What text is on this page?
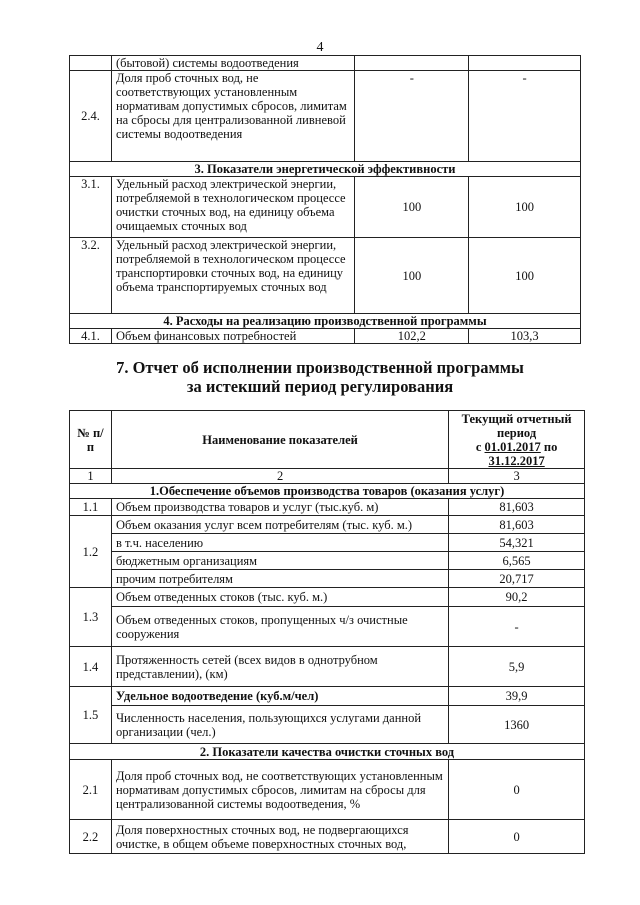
4
	(бытовой) системы водоотведения		
2.4.	Доля проб сточных вод, не соответствующих установленным нормативам допустимых сбросов, лимитам на сбросы для централизованной ливневой системы водоотведения	-	-
3. Показатели энергетической эффективности			
3.1.	Удельный расход электрической энергии, потребляемой в технологическом процессе очистки сточных вод, на единицу объема очищаемых сточных вод	100	100
3.2.	Удельный расход электрической энергии, потребляемой в технологическом процессе транспортировки сточных вод, на единицу объема транспортируемых сточных вод	100	100
4. Расходы на реализацию производственной программы			
4.1.	Объем финансовых потребностей	102,2	103,3
7. Отчет об исполнении производственной программы
за истекший период регулирования
№ п/п	Наименование показателей	Текущий отчетный период
с 01.01.2017 по 31.12.2017

1	2	3
1.Обеспечение объемов производства товаров (оказания услуг)		
1.1	Объем производства товаров и услуг (тыс.куб. м)	81,603
1.2	Объем оказания услуг всем потребителям (тыс. куб. м.)	81,603
	в т.ч. населению	54,321
	бюджетным организациям	6,565
	прочим потребителям	20,717
1.3	Объем отведенных стоков (тыс. куб. м.)	90,2
	Объем отведенных стоков, пропущенных ч/з очистные сооружения	-
1.4	Протяженность сетей (всех видов в однотрубном представлении), (км)	5,9
1.5	Удельное водоотведение (куб.м/чел)	39,9
	Численность населения, пользующихся услугами данной организации (чел.)	1360
2. Показатели качества очистки сточных вод		
2.1	Доля проб сточных вод, не соответствующих установленным нормативам допустимых сбросов, лимитам на сбросы для централизованной системы водоотведения, %	0
2.2	Доля поверхностных сточных вод, не подвергающихся очистке, в общем объеме поверхностных сточных вод,	0
